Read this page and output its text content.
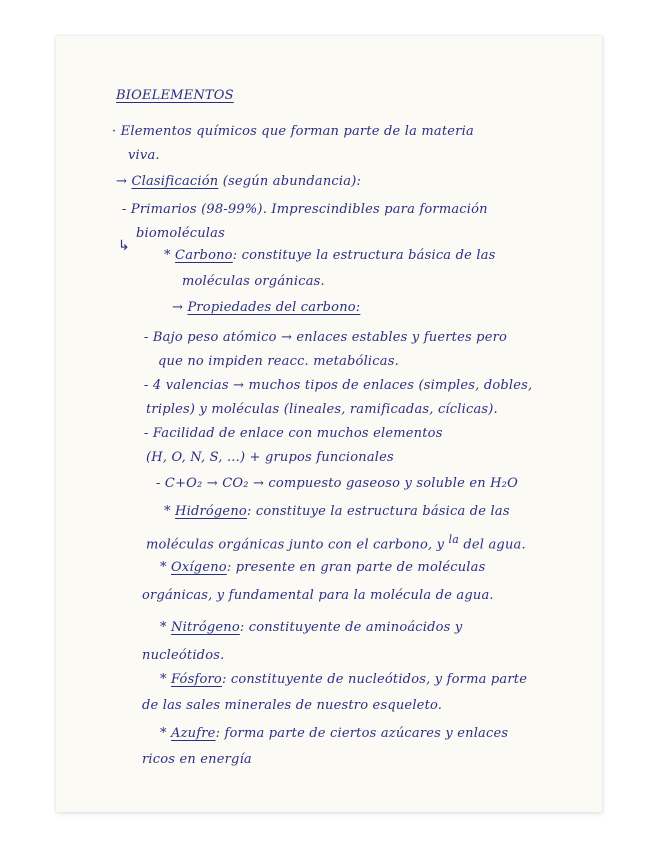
BIOELEMENTOS
· Elementos químicos que forman parte de la materia
viva.
→ Clasificación (según abundancia):
- Primarios (98-99%). Imprescindibles para formación
biomoléculas
↳
* Carbono: constituye la estructura básica de las
moléculas orgánicas.
→ Propiedades del carbono:
- Bajo peso atómico → enlaces estables y fuertes pero
que no impiden reacc. metabólicas.
- 4 valencias → muchos tipos de enlaces (simples, dobles,
triples) y moléculas (lineales, ramificadas, cíclicas).
- Facilidad de enlace con muchos elementos
(H, O, N, S, ...) + grupos funcionales
- C+O₂ → CO₂ → compuesto gaseoso y soluble en H₂O
* Hidrógeno: constituye la estructura básica de las
moléculas orgánicas junto con el carbono, y $^{la}$ del agua.
* Oxígeno: presente en gran parte de moléculas
orgánicas, y fundamental para la molécula de agua.
* Nitrógeno: constituyente de aminoácidos y
nucleótidos.
* Fósforo: constituyente de nucleótidos, y forma parte
de las sales minerales de nuestro esqueleto.
* Azufre: forma parte de ciertos azúcares y enlaces
ricos en energía
